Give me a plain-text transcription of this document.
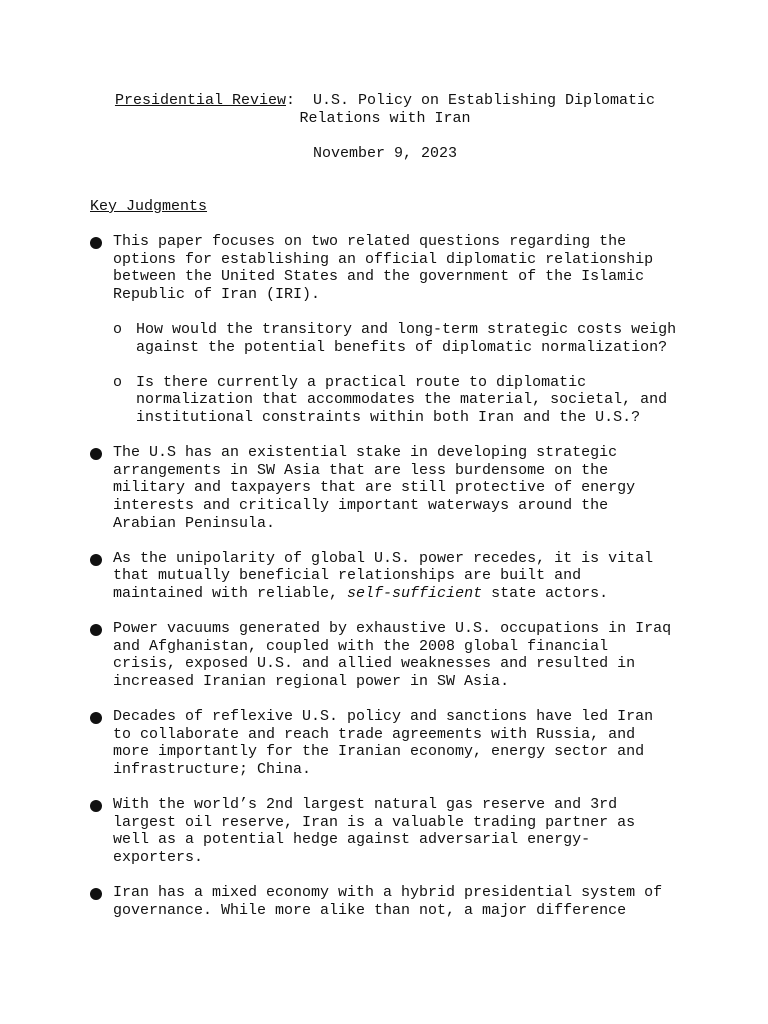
Presidential Review:  U.S. Policy on Establishing Diplomatic

Relations with Iran

November 9, 2023
Key Judgments
This paper focuses on two related questions regarding the
options for establishing an official diplomatic relationship
between the United States and the government of the Islamic
Republic of Iran (IRI).
o How would the transitory and long-term strategic costs weigh
against the potential benefits of diplomatic normalization?
o Is there currently a practical route to diplomatic
normalization that accommodates the material, societal, and
institutional constraints within both Iran and the U.S.?
The U.S has an existential stake in developing strategic
arrangements in SW Asia that are less burdensome on the
military and taxpayers that are still protective of energy
interests and critically important waterways around the
Arabian Peninsula.
As the unipolarity of global U.S. power recedes, it is vital
that mutually beneficial relationships are built and
maintained with reliable, self-sufficient state actors.
Power vacuums generated by exhaustive U.S. occupations in Iraq
and Afghanistan, coupled with the 2008 global financial
crisis, exposed U.S. and allied weaknesses and resulted in
increased Iranian regional power in SW Asia.
Decades of reflexive U.S. policy and sanctions have led Iran
to collaborate and reach trade agreements with Russia, and
more importantly for the Iranian economy, energy sector and
infrastructure; China.
With the world’s 2nd largest natural gas reserve and 3rd
largest oil reserve, Iran is a valuable trading partner as
well as a potential hedge against adversarial energy-
exporters.
Iran has a mixed economy with a hybrid presidential system of
governance. While more alike than not, a major difference
